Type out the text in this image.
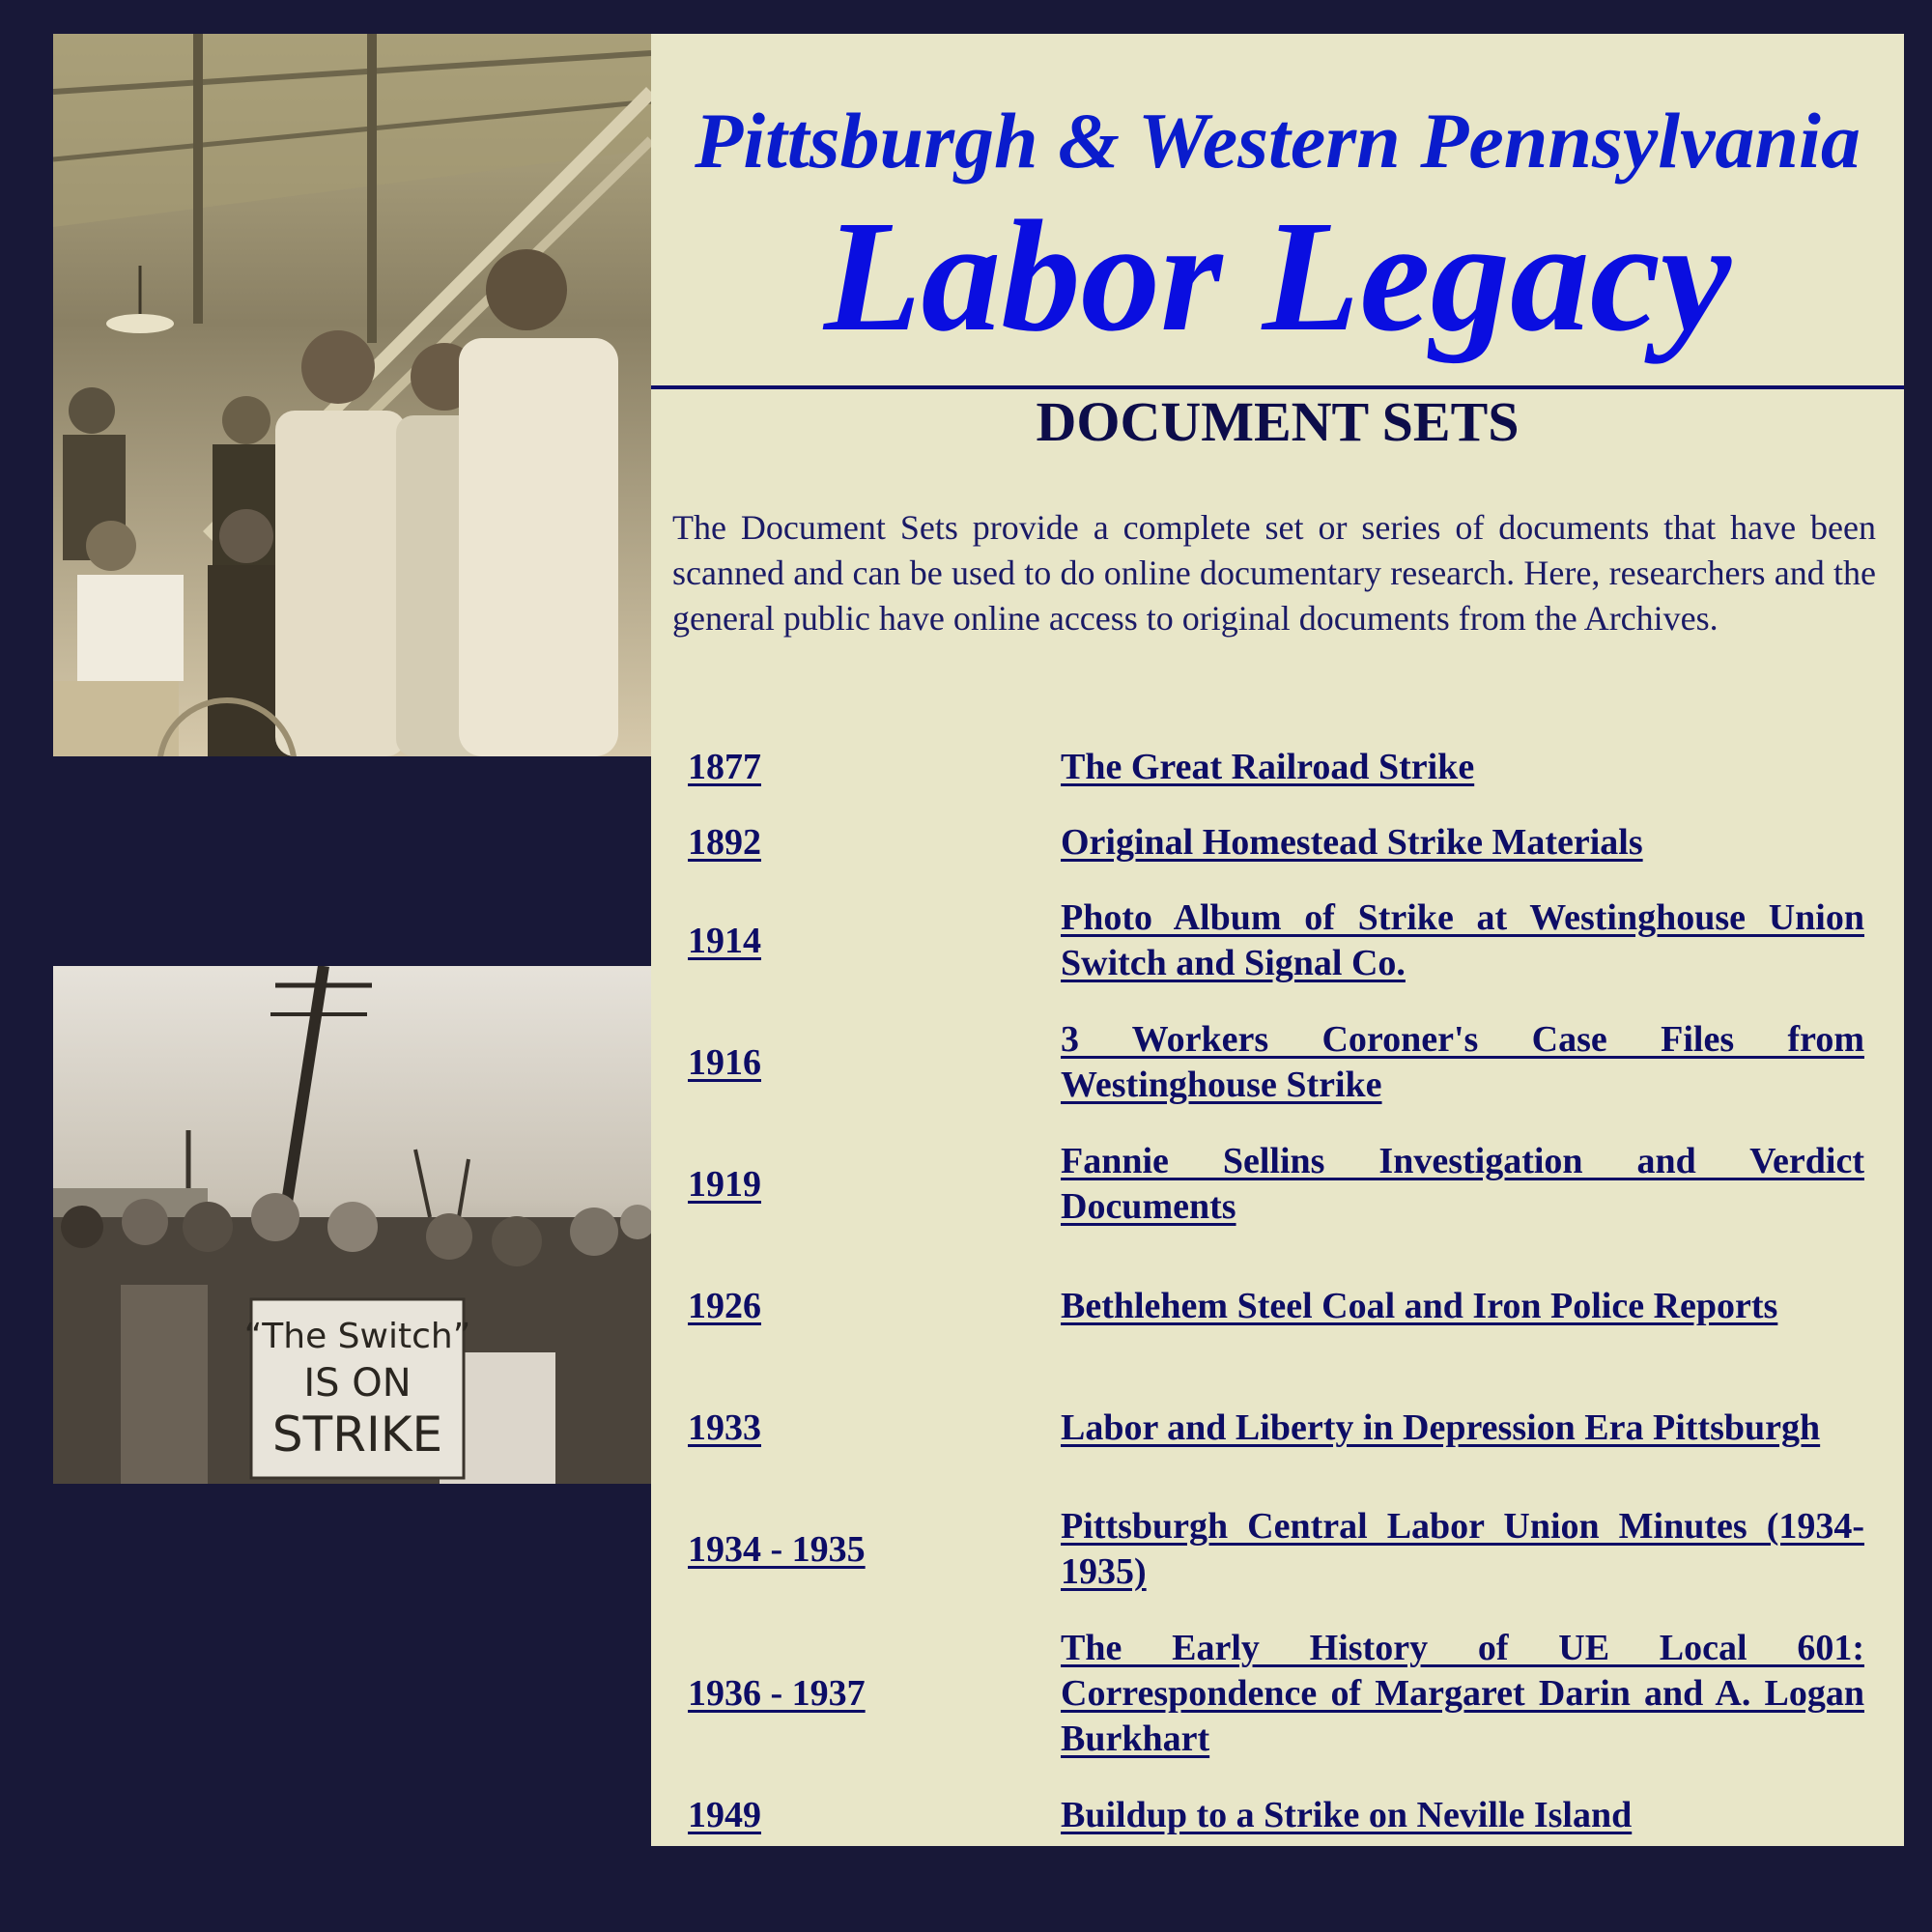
“The Switch”
IS ON
STRIKE
Pittsburgh & Western Pennsylvania
Labor Legacy
DOCUMENT SETS

The Document Sets provide a complete set or series of documents that have been scanned and can be used to do online documentary research. Here, researchers and the general public have online access to original documents from the Archives.

1877	The Great Railroad Strike
1892	Original Homestead Strike Materials
1914	Photo Album of Strike at Westinghouse Union Switch and Signal Co.
1916	3 Workers Coroner's Case Files from Westinghouse Strike
1919	Fannie Sellins Investigation and Verdict Documents
1926	Bethlehem Steel Coal and Iron Police Reports
1933	Labor and Liberty in Depression Era Pittsburgh
1934 - 1935	Pittsburgh Central Labor Union Minutes (1934-1935)
1936 - 1937	The Early History of UE Local 601: Correspondence of Margaret Darin and A. Logan Burkhart
1949	Buildup to a Strike on Neville Island
